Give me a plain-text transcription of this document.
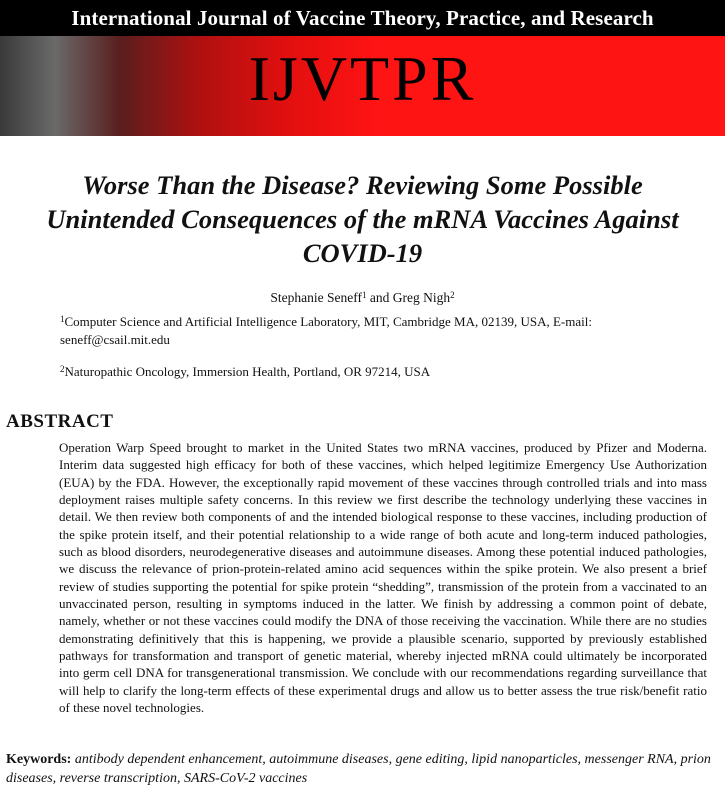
International Journal of Vaccine Theory, Practice, and Research
IJVTPR
Worse Than the Disease? Reviewing Some Possible Unintended Consequences of the mRNA Vaccines Against COVID-19
Stephanie Seneff$^1$ and Greg Nigh$^2$
$^1$Computer Science and Artificial Intelligence Laboratory, MIT, Cambridge MA, 02139, USA, E-mail: seneff@csail.mit.edu
$^2$Naturopathic Oncology, Immersion Health, Portland, OR 97214, USA
ABSTRACT
Operation Warp Speed brought to market in the United States two mRNA vaccines, produced by Pfizer and Moderna. Interim data suggested high efficacy for both of these vaccines, which helped legitimize Emergency Use Authorization (EUA) by the FDA. However, the exceptionally rapid movement of these vaccines through controlled trials and into mass deployment raises multiple safety concerns. In this review we first describe the technology underlying these vaccines in detail. We then review both components of and the intended biological response to these vaccines, including production of the spike protein itself, and their potential relationship to a wide range of both acute and long-term induced pathologies, such as blood disorders, neurodegenerative diseases and autoimmune diseases. Among these potential induced pathologies, we discuss the relevance of prion-protein-related amino acid sequences within the spike protein. We also present a brief review of studies supporting the potential for spike protein “shedding”, transmission of the protein from a vaccinated to an unvaccinated person, resulting in symptoms induced in the latter. We finish by addressing a common point of debate, namely, whether or not these vaccines could modify the DNA of those receiving the vaccination. While there are no studies demonstrating definitively that this is happening, we provide a plausible scenario, supported by previously established pathways for transformation and transport of genetic material, whereby injected mRNA could ultimately be incorporated into germ cell DNA for transgenerational transmission. We conclude with our recommendations regarding surveillance that will help to clarify the long-term effects of these experimental drugs and allow us to better assess the true risk/benefit ratio of these novel technologies.
Keywords: antibody dependent enhancement, autoimmune diseases, gene editing, lipid nanoparticles, messenger RNA, prion diseases, reverse transcription, SARS-CoV-2 vaccines
